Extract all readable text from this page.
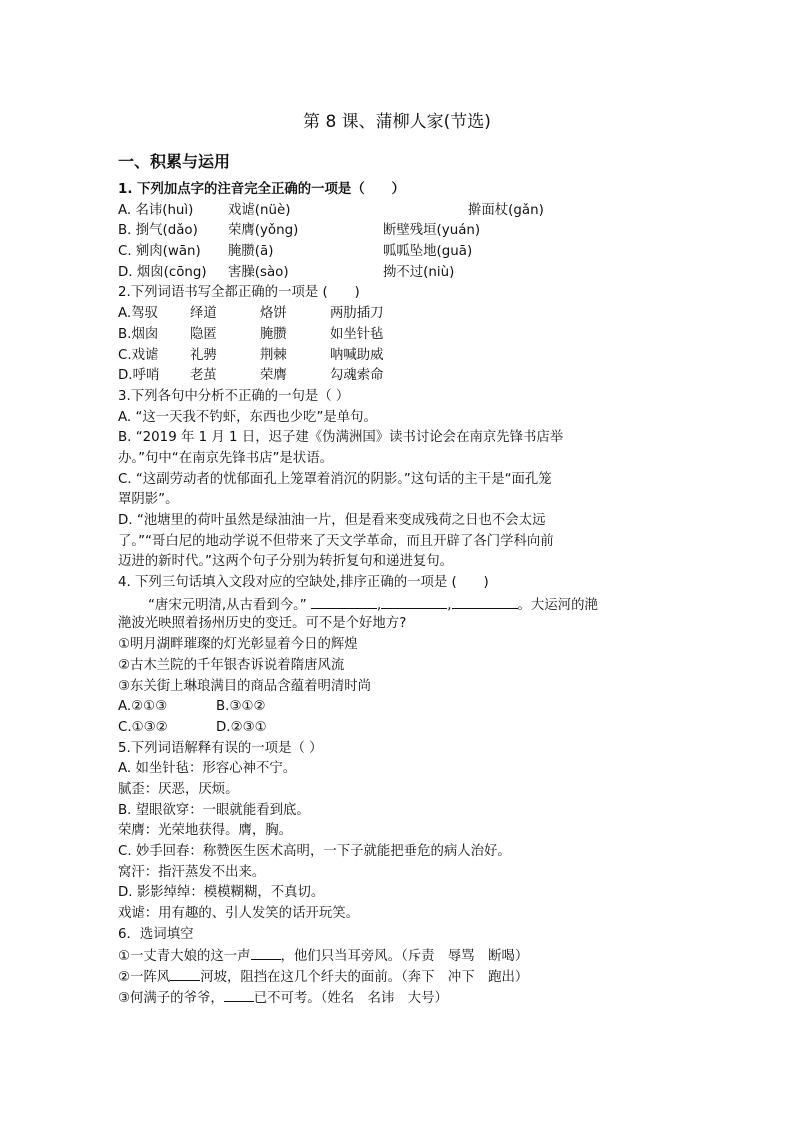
第 8 课、蒲柳人家(节选)
一、积累与运用
1. 下列加点字的注音完全正确的一项是（　　）
A. 名讳(huì)	戏谑(nüè)	擀面杖(gǎn)
B. 捯气(dǎo) 荣膺(yǒng)	断壁残垣(yuán)
C. 剜肉(wān) 腌臜(ā)	呱呱坠地(guā)
D. 烟囱(cōng) 害臊(sào)	拗不过(niù)
2.下列词语书写全都正确的一项是 (　　)
A.驾驭 绎道	烙饼	两肋插刀
B.烟囱 隐匿	腌臜	如坐针毡
C.戏谑 礼骋	荆棘	呐喊助威
D.呼哨 老茧	荣膺	勾魂索命
3.下列各句中分析不正确的一句是（ ）
A. “这一天我不钓虾，东西也少吃”是单句。
B. “2019 年 1 月 1 日，迟子建《伪满洲国》读书讨论会在南京先锋书店举
办。”句中“在南京先锋书店”是状语。
C. “这副劳动者的忧郁面孔上笼罩着消沉的阴影。”这句话的主干是“面孔笼
罩阴影”。
D. “池塘里的荷叶虽然是绿油油一片，但是看来变成残荷之日也不会太远
了。”“哥白尼的地动学说不但带来了天文学革命，而且开辟了各门学科向前
迈进的新时代。”这两个句子分别为转折复句和递进复句。
4. 下列三句话填入文段对应的空缺处,排序正确的一项是 (　　)
“唐宋元明清,从古看到今。”	,	,	。大运河的滟
滟波光映照着扬州历史的变迁。可不是个好地方?
①明月湖畔璀璨的灯光彰显着今日的辉煌
②古木兰院的千年银杏诉说着隋唐风流
③东关街上琳琅满目的商品含蕴着明清时尚
A.②①③	B.③①②
C.①③②	D.②③①
5.下列词语解释有误的一项是（ ）
A. 如坐针毡：形容心神不宁。
腻歪：厌恶，厌烦。
B. 望眼欲穿：一眼就能看到底。
荣膺：光荣地获得。膺，胸。
C. 妙手回春：称赞医生医术高明，一下子就能把垂危的病人治好。
窝汗：指汗蒸发不出来。
D. 影影绰绰：模模糊糊，不真切。
戏谑：用有趣的、引人发笑的话开玩笑。
6．选词填空
①一丈青大娘的这一声 ，他们只当耳旁风。（斥责　辱骂　断喝）
②一阵风 河坡，阻挡在这几个纤夫的面前。（奔下　冲下　跑出）
③何满子的爷爷， 已不可考。（姓名　名讳　大号）
